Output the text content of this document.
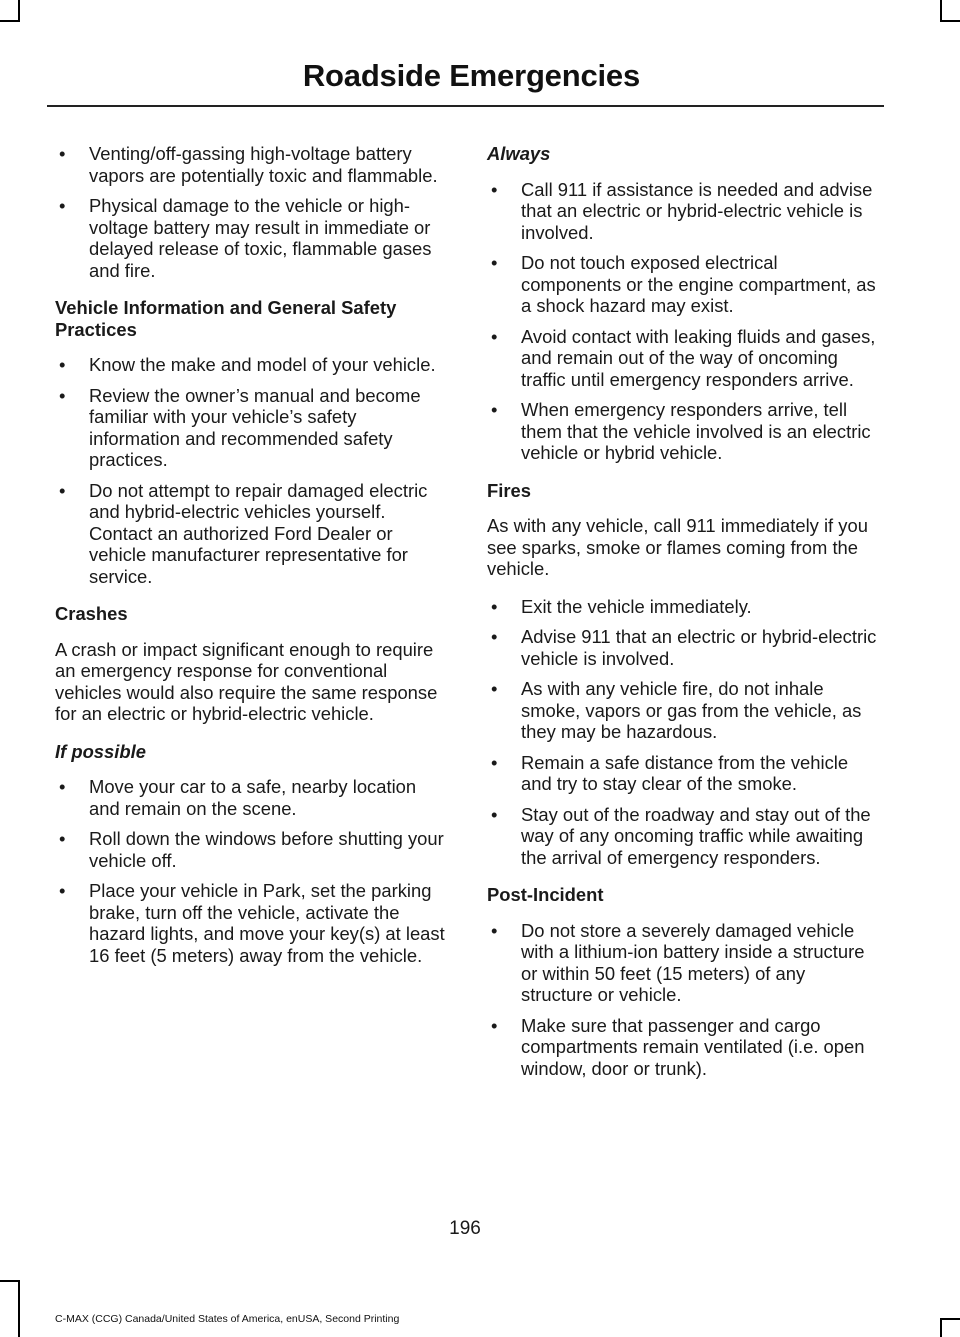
Roadside Emergencies
• Venting/off-gassing high-voltage battery vapors are potentially toxic and flammable.
• Physical damage to the vehicle or high-voltage battery may result in immediate or delayed release of toxic, flammable gases and fire.
Vehicle Information and General Safety Practices
• Know the make and model of your vehicle.
• Review the owner’s manual and become familiar with your vehicle’s safety information and recommended safety practices.
• Do not attempt to repair damaged electric and hybrid-electric vehicles yourself. Contact an authorized Ford Dealer or vehicle manufacturer representative for service.
Crashes

A crash or impact significant enough to require an emergency response for conventional vehicles would also require the same response for an electric or hybrid-electric vehicle.

If possible
• Move your car to a safe, nearby location and remain on the scene.
• Roll down the windows before shutting your vehicle off.
• Place your vehicle in Park, set the parking brake, turn off the vehicle, activate the hazard lights, and move your key(s) at least 16 feet (5 meters) away from the vehicle.
Always
• Call 911 if assistance is needed and advise that an electric or hybrid-electric vehicle is involved.
• Do not touch exposed electrical components or the engine compartment, as a shock hazard may exist.
• Avoid contact with leaking fluids and gases, and remain out of the way of oncoming traffic until emergency responders arrive.
• When emergency responders arrive, tell them that the vehicle involved is an electric vehicle or hybrid vehicle.
Fires

As with any vehicle, call 911 immediately if you see sparks, smoke or flames coming from the vehicle.

• Exit the vehicle immediately.
• Advise 911 that an electric or hybrid-electric vehicle is involved.
• As with any vehicle fire, do not inhale smoke, vapors or gas from the vehicle, as they may be hazardous.
• Remain a safe distance from the vehicle and try to stay clear of the smoke.
• Stay out of the roadway and stay out of the way of any oncoming traffic while awaiting the arrival of emergency responders.
Post-Incident
• Do not store a severely damaged vehicle with a lithium-ion battery inside a structure or within 50 feet (15 meters) of any structure or vehicle.
• Make sure that passenger and cargo compartments remain ventilated (i.e. open window, door or trunk).
196
C-MAX (CCG) Canada/United States of America, enUSA, Second Printing
